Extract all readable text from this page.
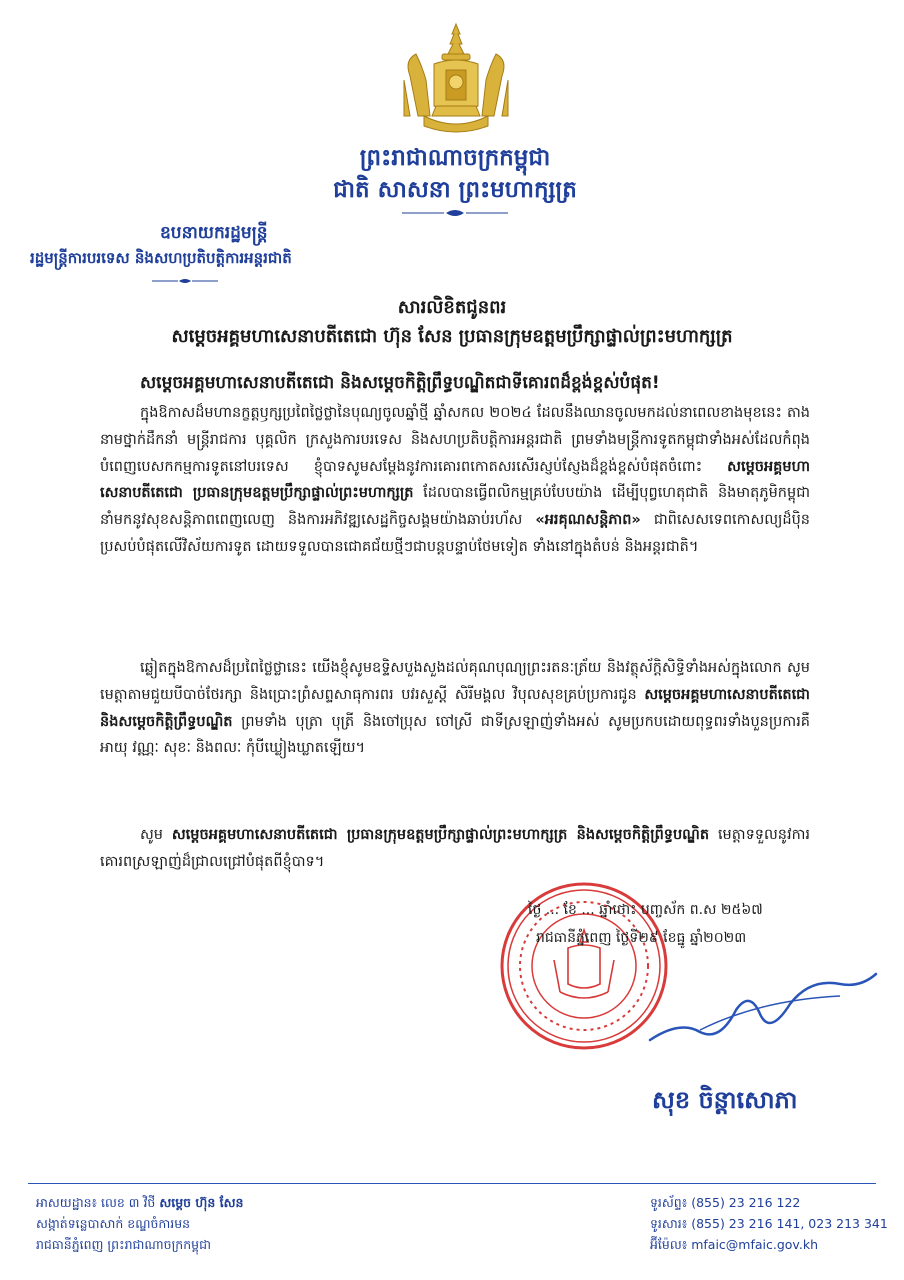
ព្រះរាជាណាចក្រកម្ពុជា
ជាតិ សាសនា ព្រះមហាក្សត្រ
ឧបនាយករដ្ឋមន្ត្រី
រដ្ឋមន្ត្រីការបរទេស និងសហប្រតិបត្តិការអន្តរជាតិ
សារលិខិតជូនពរ
សម្តេចអគ្គមហាសេនាបតីតេជោ ហ៊ុន សែន ប្រធានក្រុមឧត្តមប្រឹក្សាផ្ទាល់ព្រះមហាក្សត្រ
សម្តេចអគ្គមហាសេនាបតីតេជោ និងសម្តេចកិត្តិព្រឹទ្ធបណ្ឌិតជាទីគោរពដ៏ខ្ពង់ខ្ពស់បំផុត!
ក្នុងឱកាសដ៏មហានក្ខត្តឫក្សប្រពៃថ្លៃថ្លានៃបុណ្យចូលឆ្នាំថ្មី ឆ្នាំសកល ២០២៤ ដែលនឹងឈានចូលមកដល់នាពេលខាងមុខនេះ តាងនាមថ្នាក់ដឹកនាំ មន្ត្រីរាជការ បុគ្គលិក ក្រសួងការបរទេស និងសហប្រតិបត្តិការអន្តរជាតិ ព្រមទាំងមន្ត្រីការទូតកម្ពុជាទាំងអស់ដែលកំពុងបំពេញបេសកកម្មការទូតនៅបរទេស ខ្ញុំបាទសូមសម្តែងនូវការគោរពកោតសរសើរស្ញប់ស្ញែងដ៏ខ្ពង់ខ្ពស់បំផុតចំពោះ សម្តេចអគ្គមហាសេនាបតីតេជោ ប្រធានក្រុមឧត្តមប្រឹក្សាផ្ទាល់ព្រះមហាក្សត្រ ដែលបានធ្វើពលិកម្មគ្រប់បែបយ៉ាង ដើម្បីបុព្វហេតុជាតិ និងមាតុភូមិកម្ពុជា នាំមកនូវសុខសន្តិភាពពេញលេញ និងការអភិវឌ្ឍសេដ្ឋកិច្ចសង្គមយ៉ាងឆាប់រហ័ស «អរគុណសន្តិភាព» ជាពិសេសទេពកោសល្យដ៏ប៉ិនប្រសប់បំផុតលើវិស័យការទូត ដោយទទួលបានជោគជ័យថ្មីៗជាបន្តបន្ទាប់ថែមទៀត ទាំងនៅក្នុងតំបន់ និងអន្តរជាតិ។
ឆ្លៀតក្នុងឱកាសដ៏ប្រពៃថ្លៃថ្លានេះ យើងខ្ញុំសូមឧទ្ទិសបួងសួងដល់គុណបុណ្យព្រះរតនៈត្រ័យ និងវត្ថុស័ក្តិសិទ្ធិទាំងអស់ក្នុងលោក សូមមេត្តាតាមជួយបីបាច់ថែរក្សា និងប្រោះព្រំសព្ទសាធុការពរ បវរសួស្តី សិរីមង្គល វិបុលសុខគ្រប់ប្រការជូន សម្តេចអគ្គមហាសេនាបតីតេជោ និងសម្តេចកិត្តិព្រឹទ្ធបណ្ឌិត ព្រមទាំង បុត្រា បុត្រី និងចៅប្រុស ចៅស្រី ជាទីស្រឡាញ់ទាំងអស់ សូមប្រកបដោយពុទ្ធពរទាំងបួនប្រការគឺ អាយុ វណ្ណៈ សុខៈ និងពលៈ កុំបីឃ្លៀងឃ្លាតឡើយ។
សូម សម្តេចអគ្គមហាសេនាបតីតេជោ ប្រធានក្រុមឧត្តមប្រឹក្សាផ្ទាល់ព្រះមហាក្សត្រ និងសម្តេចកិត្តិព្រឹទ្ធបណ្ឌិត មេត្តាទទួលនូវការគោរពស្រឡាញ់ដ៏ជ្រាលជ្រៅបំផុតពីខ្ញុំបាទ។
ថ្ងៃ ... ខែ ... ឆ្នាំថោះ បញ្ចស័ក ព.ស ២៥៦៧
រាជធានីភ្នំពេញ ថ្ងៃទី២៩ ខែធ្នូ ឆ្នាំ២០២៣
សុខ ចិន្តាសោភា
អាសយដ្ឋាន៖ លេខ ៣ វិថី សម្តេច ហ៊ុន សែន
សង្កាត់ទន្លេបាសាក់ ខណ្ឌចំការមន
រាជធានីភ្នំពេញ ព្រះរាជាណាចក្រកម្ពុជា
ទូរស័ព្ទ៖ (855) 23 216 122
ទូរសារ៖ (855) 23 216 141, 023 213 341
អ៊ីម៉ែល៖ mfaic@mfaic.gov.kh
